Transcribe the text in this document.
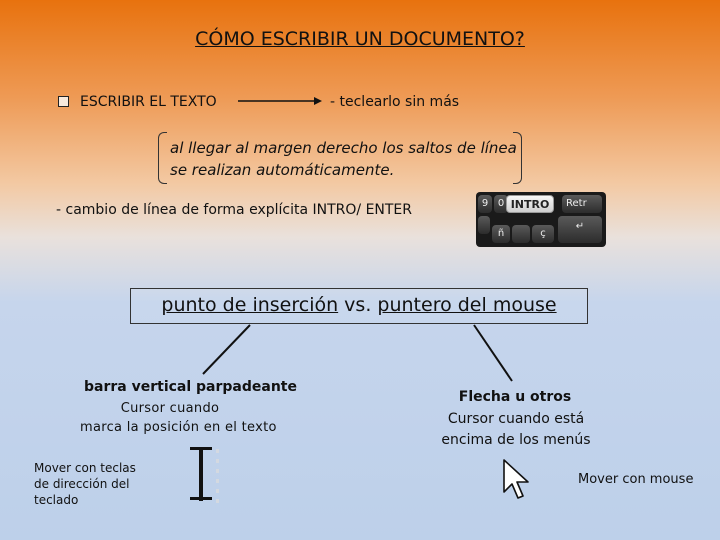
CÓMO ESCRIBIR UN DOCUMENTO?
ESCRIBIR EL TEXTO	- teclearlo sin más
al llegar al margen derecho los saltos de línea
se realizan automáticamente.
- cambio de línea de forma explícita INTRO/ ENTER	9 0	Retr
ñ	ç
↵
INTRO
punto de inserción vs. puntero del mouse
barra vertical parpadeante
Cursor cuando
marca la posición en el texto
Mover con teclas de dirección del teclado
Flecha u otros
Cursor cuando está
encima de los menús
Mover con mouse
